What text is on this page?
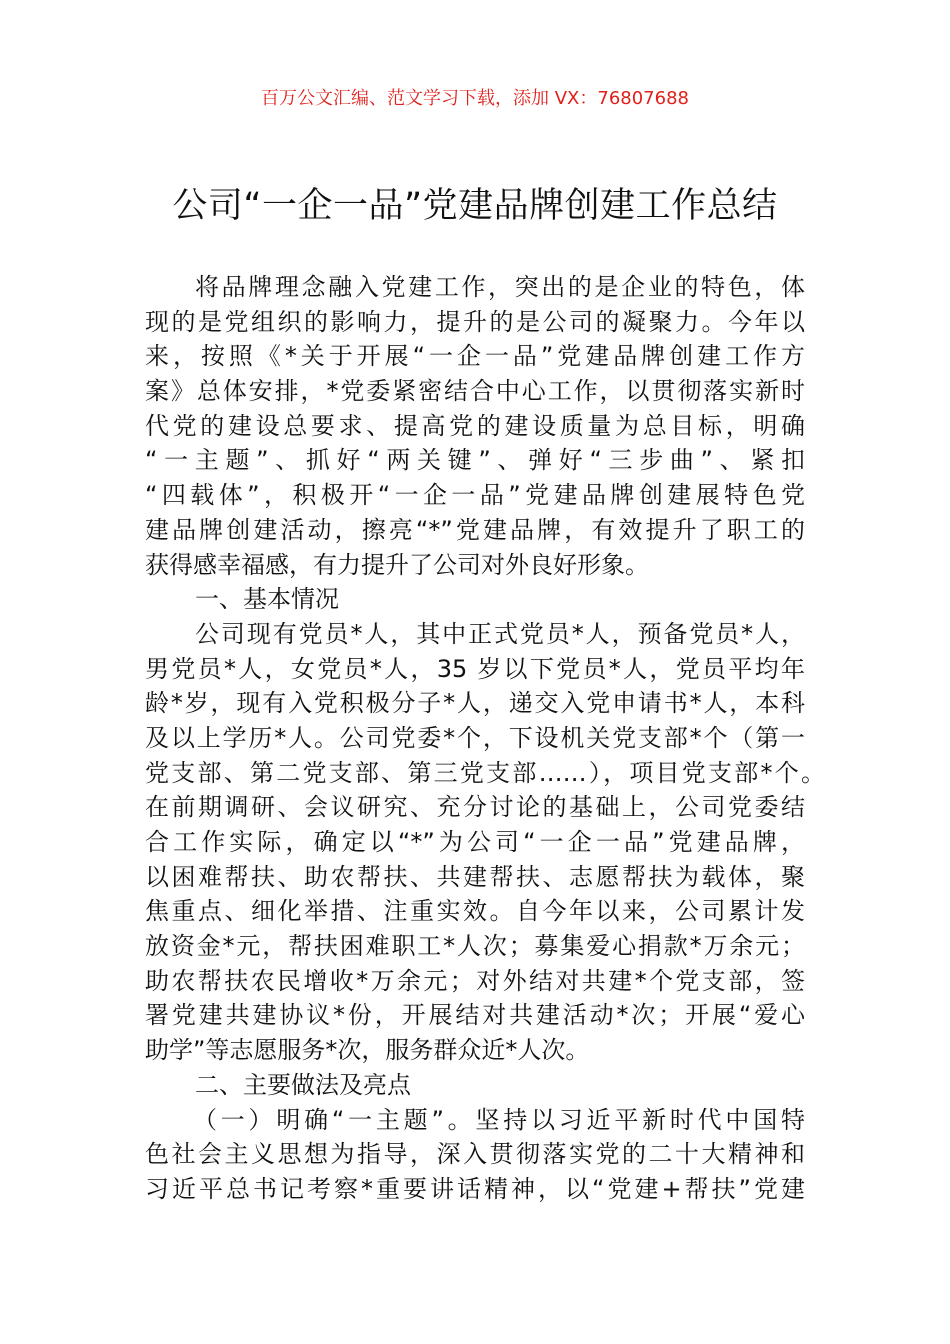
百万公文汇编、范文学习下载，添加 VX：76807688
公司“一企一品”党建品牌创建工作总结
将品牌理念融入党建工作，突出的是企业的特色，体
现的是党组织的影响力，提升的是公司的凝聚力。今年以
来，按照《*关于开展“一企一品”党建品牌创建工作方
案》总体安排，*党委紧密结合中心工作，以贯彻落实新时
代党的建设总要求、提高党的建设质量为总目标，明确
“一主题”、抓好“两关键”、弹好“三步曲”、紧扣
“四载体”，积极开“一企一品”党建品牌创建展特色党
建品牌创建活动，擦亮“*”党建品牌，有效提升了职工的
获得感幸福感，有力提升了公司对外良好形象。
一、基本情况
公司现有党员*人，其中正式党员*人，预备党员*人，
男党员*人，女党员*人，35 岁以下党员*人，党员平均年
龄*岁，现有入党积极分子*人，递交入党申请书*人，本科
及以上学历*人。公司党委*个，下设机关党支部*个（第一
党支部、第二党支部、第三党支部……），项目党支部*个。
在前期调研、会议研究、充分讨论的基础上，公司党委结
合工作实际，确定以“*”为公司“一企一品”党建品牌，
以困难帮扶、助农帮扶、共建帮扶、志愿帮扶为载体，聚
焦重点、细化举措、注重实效。自今年以来，公司累计发
放资金*元，帮扶困难职工*人次；募集爱心捐款*万余元；
助农帮扶农民增收*万余元；对外结对共建*个党支部，签
署党建共建协议*份，开展结对共建活动*次；开展“爱心
助学”等志愿服务*次，服务群众近*人次。
二、主要做法及亮点
（一）明确“一主题”。坚持以习近平新时代中国特
色社会主义思想为指导，深入贯彻落实党的二十大精神和
习近平总书记考察*重要讲话精神，以“党建+帮扶”党建
